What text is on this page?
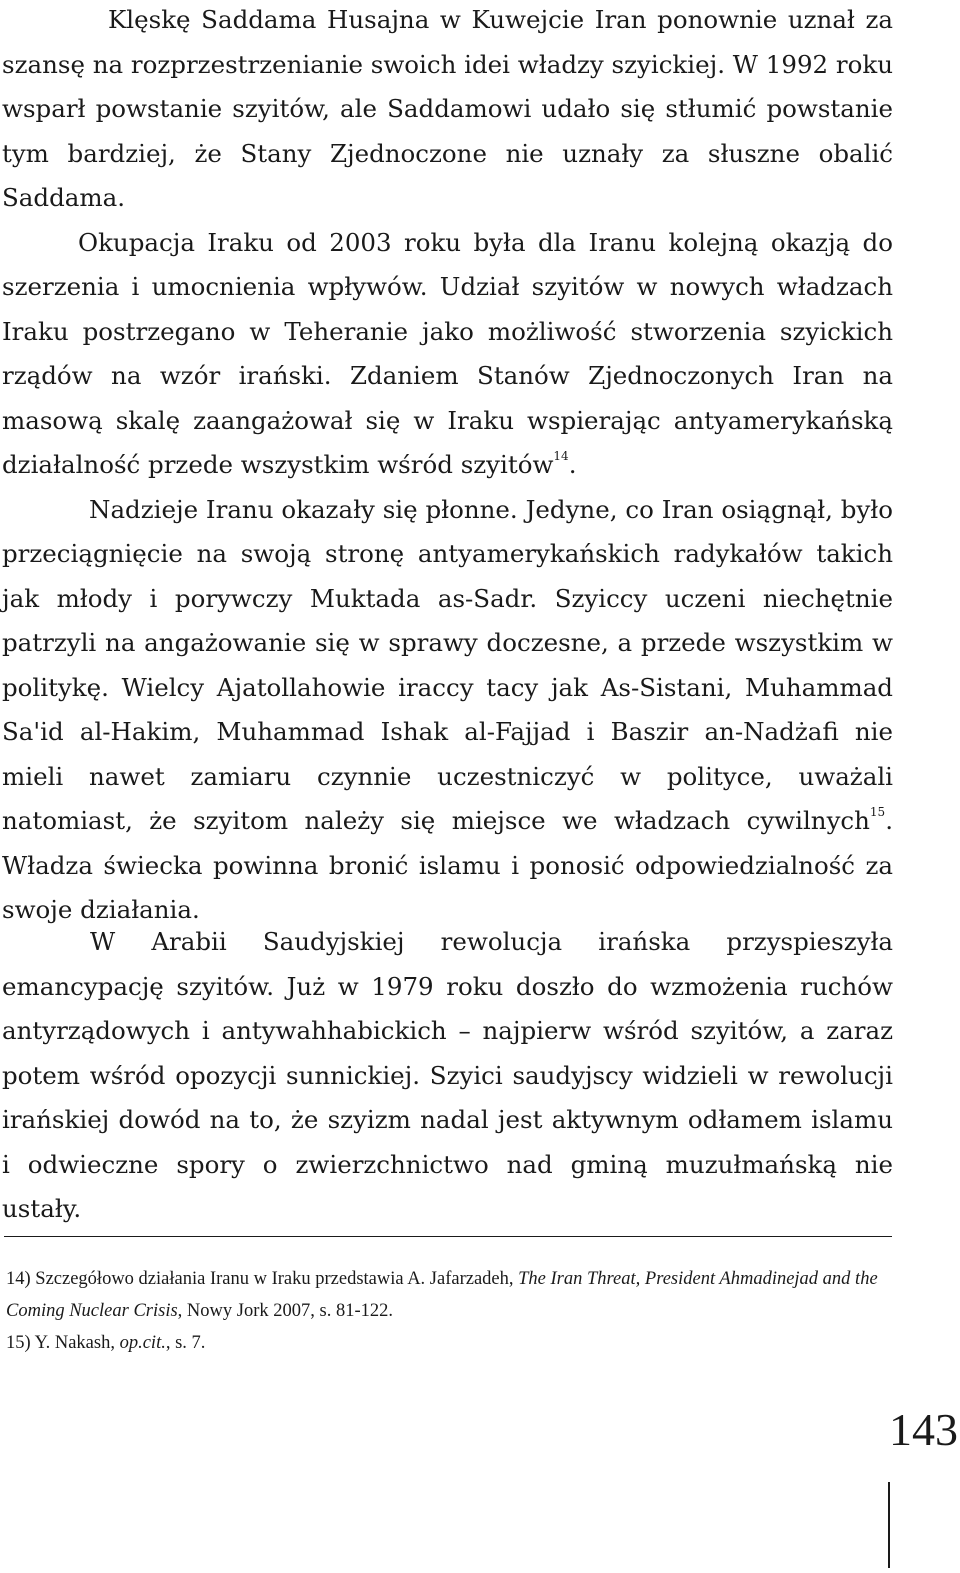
Klęskę Saddama Husajna w Kuwejcie Iran ponownie uznał za szansę na rozprzestrzenianie swoich idei władzy szyickiej. W 1992 roku wsparł powstanie szyitów, ale Saddamowi udało się stłumić powstanie tym bardziej, że Stany Zjednoczone nie uznały za słuszne obalić Saddama.

Okupacja Iraku od 2003 roku była dla Iranu kolejną okazją do szerzenia i umocnienia wpływów. Udział szyitów w nowych władzach Iraku postrzegano w Teheranie jako możliwość stworzenia szyickich rządów na wzór irański. Zdaniem Stanów Zjednoczonych Iran na masową skalę zaangażował się w Iraku wspierając antyamerykańską działalność przede wszystkim wśród szyitów$^{14}$.

Nadzieje Iranu okazały się płonne. Jedyne, co Iran osiągnął, było przeciągnięcie na swoją stronę antyamerykańskich radykałów takich jak młody i porywczy Muktada as-Sadr. Szyiccy uczeni niechętnie patrzyli na angażowanie się w sprawy doczesne, a przede wszystkim w politykę. Wielcy Ajatollahowie iraccy tacy jak As-Sistani, Muhammad Sa'id al-Hakim, Muhammad Ishak al-Fajjad i Baszir an-Nadżafi nie mieli nawet zamiaru czynnie uczestniczyć w polityce, uważali natomiast, że szyitom należy się miejsce we władzach cywilnych$^{15}$. Władza świecka powinna bronić islamu i ponosić odpowiedzialność za swoje działania.

W Arabii Saudyjskiej rewolucja irańska przyspieszyła emancypację szyitów. Już w 1979 roku doszło do wzmożenia ruchów antyrządowych i antywahhabickich – najpierw wśród szyitów, a zaraz potem wśród opozycji sunnickiej. Szyici saudyjscy widzieli w rewolucji irańskiej dowód na to, że szyizm nadal jest aktywnym odłamem islamu i odwieczne spory o zwierzchnictwo nad gminą muzułmańską nie ustały.

14) Szczegółowo działania Iranu w Iraku przedstawia A. Jafarzadeh, The Iran Threat, President Ahmadinejad and the Coming Nuclear Crisis, Nowy Jork 2007, s. 81-122.
15) Y. Nakash, op.cit., s. 7.
143
